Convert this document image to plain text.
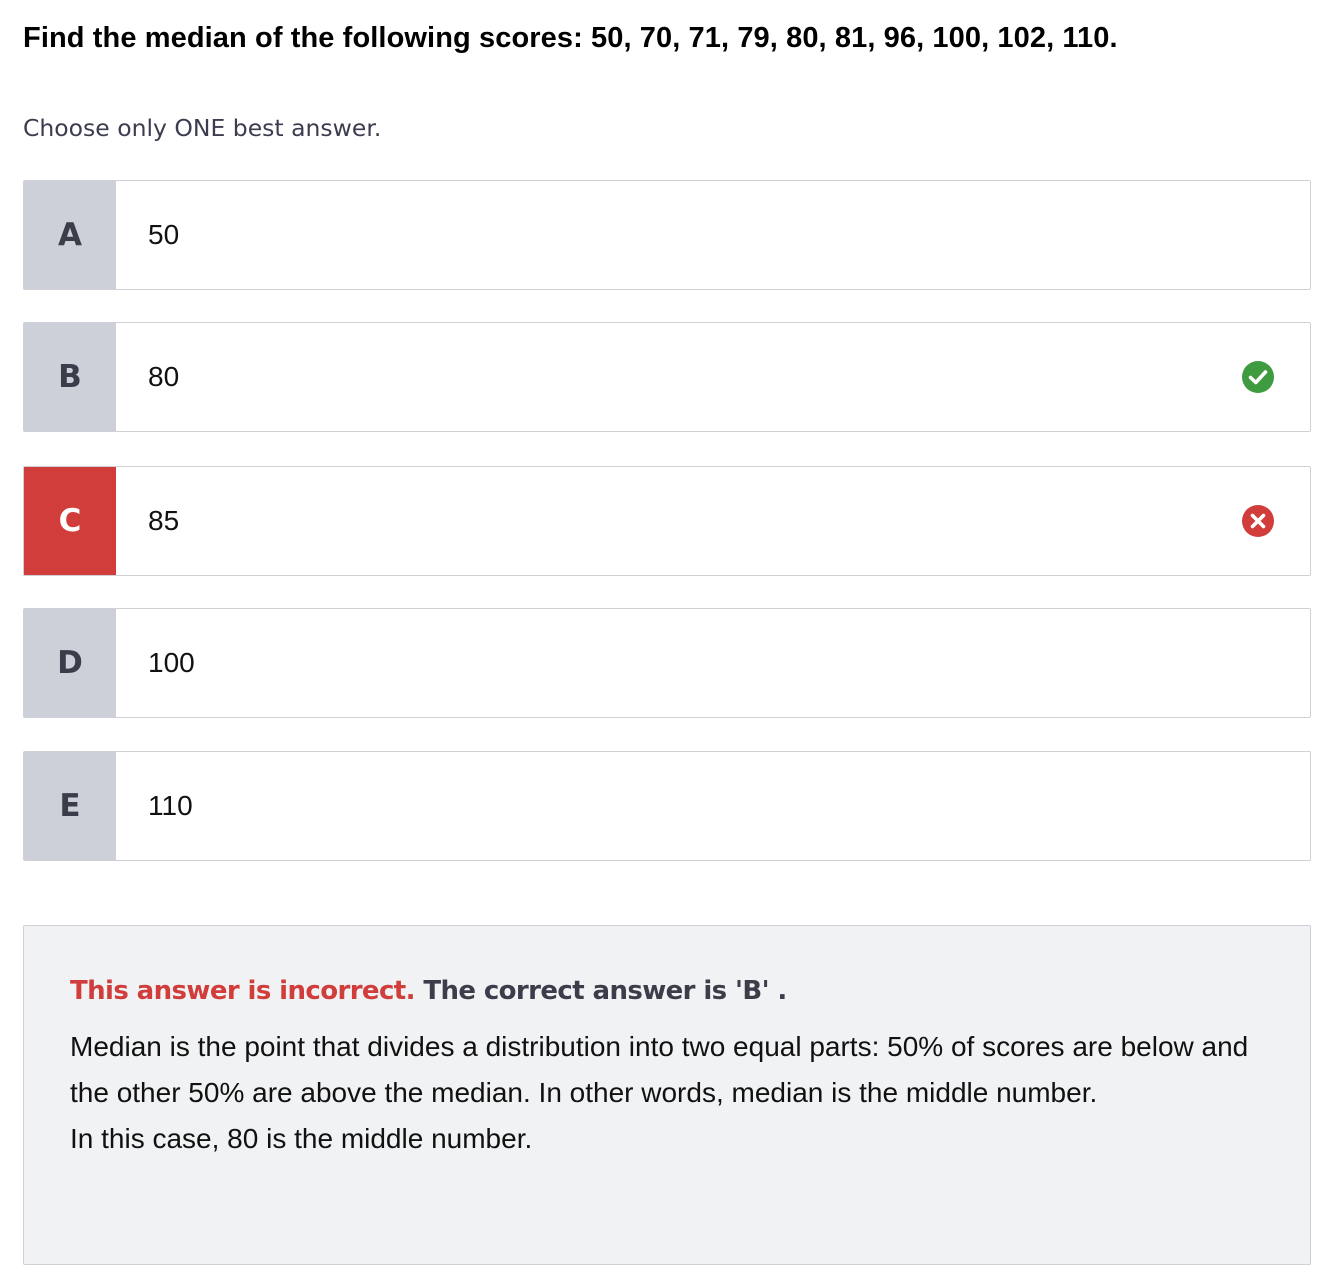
Find the median of the following scores: 50, 70, 71, 79, 80, 81, 96, 100, 102, 110.
Choose only ONE best answer.
A	50
B	80
C	85
D	100
E	110
This answer is incorrect. The correct answer is 'B' .
Median is the point that divides a distribution into two equal parts: 50% of scores are below and the other 50% are above the median. In other words, median is the middle number.
In this case, 80 is the middle number.
